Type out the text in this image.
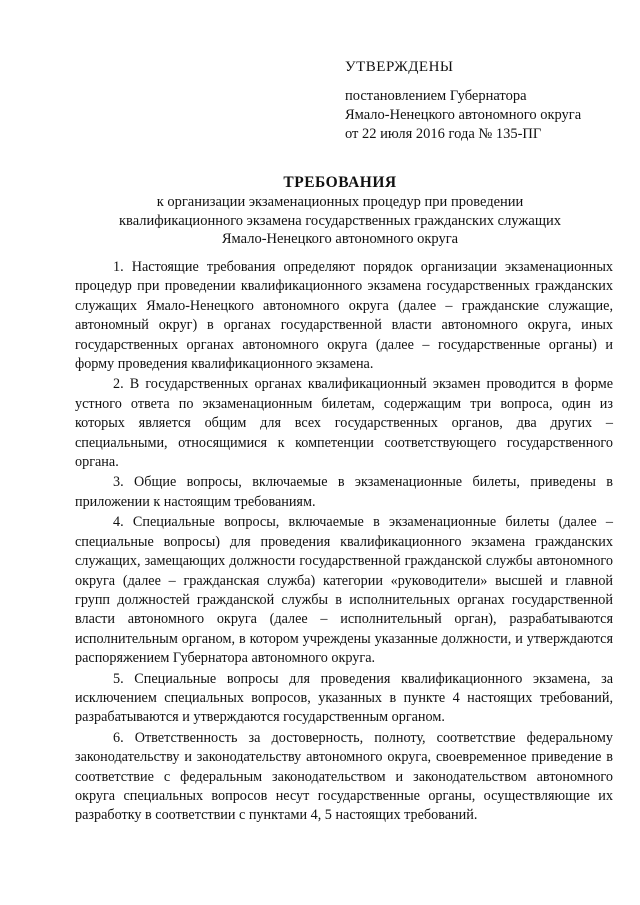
УТВЕРЖДЕНЫ
постановлением Губернатора
Ямало-Ненецкого автономного округа
от 22 июля 2016 года № 135-ПГ
ТРЕБОВАНИЯ
к организации экзаменационных процедур при проведении
квалификационного экзамена государственных гражданских служащих
Ямало-Ненецкого автономного округа

1. Настоящие требования определяют порядок организации экзаменационных процедур при проведении квалификационного экзамена государственных гражданских служащих Ямало-Ненецкого автономного округа (далее – гражданские служащие, автономный округ) в органах государственной власти автономного округа, иных государственных органах автономного округа (далее – государственные органы) и форму проведения квалификационного экзамена.

2. В государственных органах квалификационный экзамен проводится в форме устного ответа по экзаменационным билетам, содержащим три вопроса, один из которых является общим для всех государственных органов, два других – специальными, относящимися к компетенции соответствующего государственного органа.

3. Общие вопросы, включаемые в экзаменационные билеты, приведены в приложении к настоящим требованиям.

4. Специальные вопросы, включаемые в экзаменационные билеты (далее – специальные вопросы) для проведения квалификационного экзамена гражданских служащих, замещающих должности государственной гражданской службы автономного округа (далее – гражданская служба) категории «руководители» высшей и главной групп должностей гражданской службы в исполнительных органах государственной власти автономного округа (далее – исполнительный орган), разрабатываются исполнительным органом, в котором учреждены указанные должности, и утверждаются распоряжением Губернатора автономного округа.

5. Специальные вопросы для проведения квалификационного экзамена, за исключением специальных вопросов, указанных в пункте 4 настоящих требований, разрабатываются и утверждаются государственным органом.

6. Ответственность за достоверность, полноту, соответствие федеральному законодательству и законодательству автономного округа, своевременное приведение в соответствие с федеральным законодательством и законодательством автономного округа специальных вопросов несут государственные органы, осуществляющие их разработку в соответствии с пунктами 4, 5 настоящих требований.
